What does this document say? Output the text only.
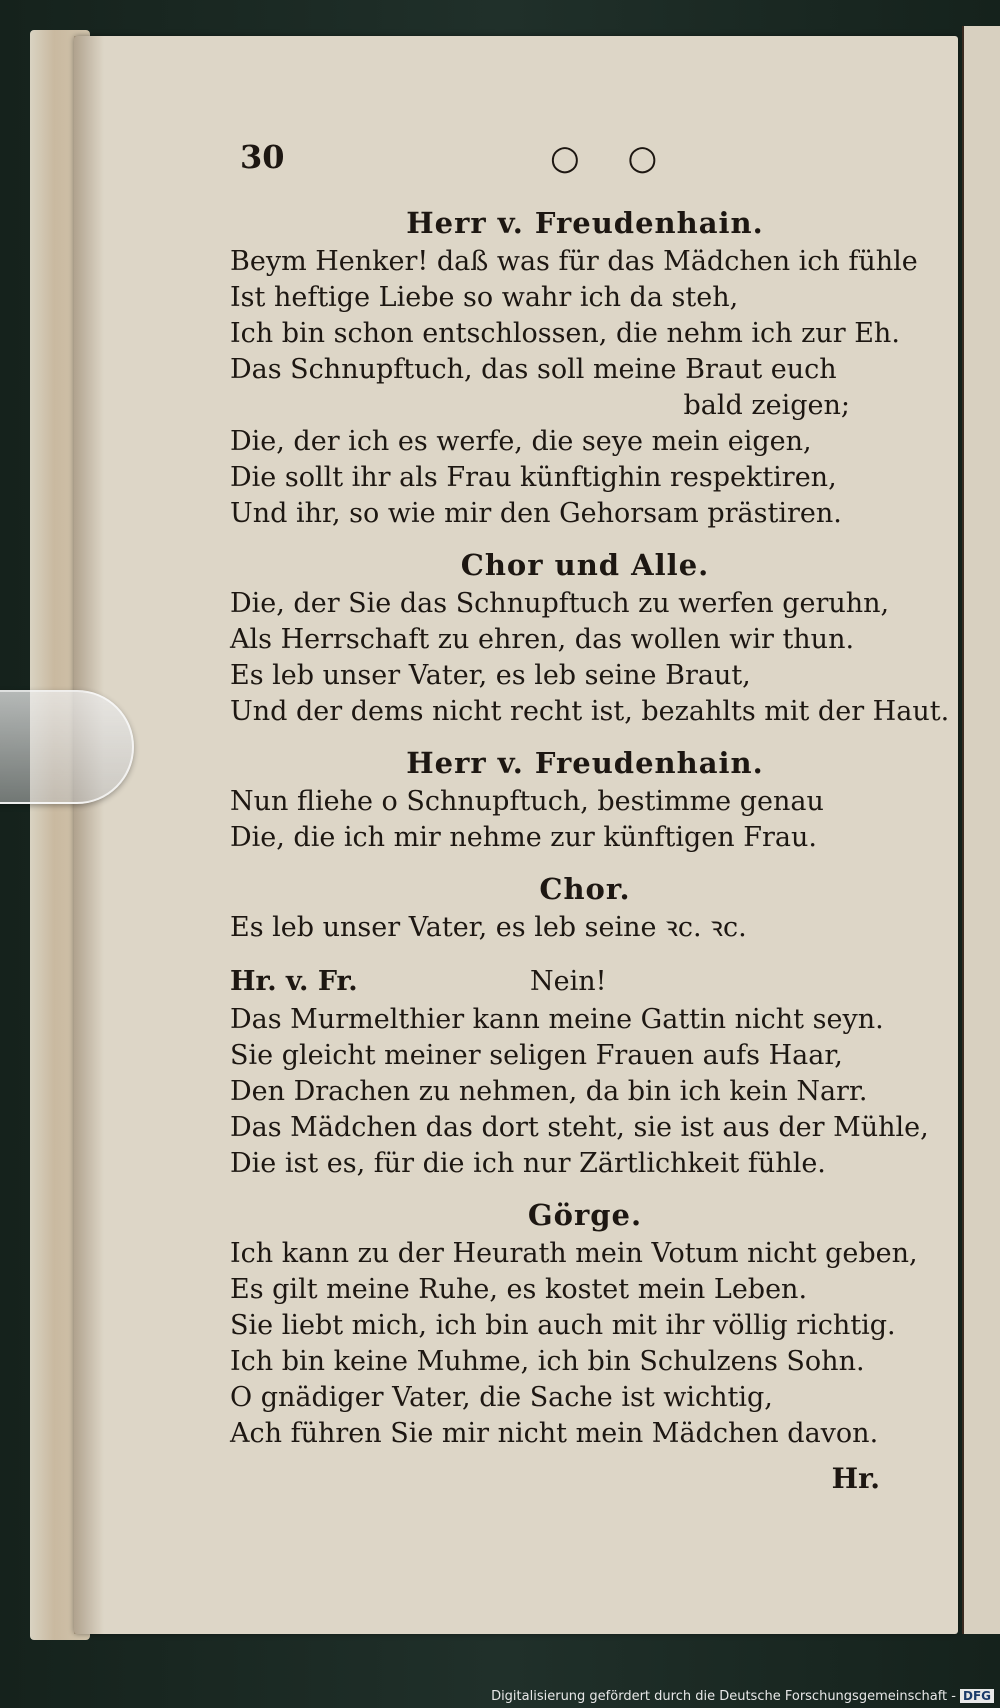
30	○ ○
Herr v. Freudenhain.
Beym Henker! daß was für das Mädchen ich fühle
Ist heftige Liebe so wahr ich da steh,
Ich bin schon entschlossen, die nehm ich zur Eh.
Das Schnupftuch, das soll meine Braut euch
bald zeigen;
Die, der ich es werfe, die seye mein eigen,
Die sollt ihr als Frau künftighin respektiren,
Und ihr, so wie mir den Gehorsam prästiren.
Chor und Alle.
Die, der Sie das Schnupftuch zu werfen geruhn,
Als Herrschaft zu ehren, das wollen wir thun.
Es leb unser Vater, es leb seine Braut,
Und der dems nicht recht ist, bezahlts mit der Haut.
Herr v. Freudenhain.
Nun fliehe o Schnupftuch, bestimme genau
Die, die ich mir nehme zur künftigen Frau.
Chor.
Es leb unser Vater, es leb seine ꝛc. ꝛc.
Hr. v. Fr.	Nein!
Das Murmelthier kann meine Gattin nicht seyn.
Sie gleicht meiner seligen Frauen aufs Haar,
Den Drachen zu nehmen, da bin ich kein Narr.
Das Mädchen das dort steht, sie ist aus der Mühle,
Die ist es, für die ich nur Zärtlichkeit fühle.
Görge.
Ich kann zu der Heurath mein Votum nicht geben,
Es gilt meine Ruhe, es kostet mein Leben.
Sie liebt mich, ich bin auch mit ihr völlig richtig.
Ich bin keine Muhme, ich bin Schulzens Sohn.
O gnädiger Vater, die Sache ist wichtig,
Ach führen Sie mir nicht mein Mädchen davon.
Hr.
Digitalisierung gefördert durch die Deutsche Forschungsgemeinschaft - DFG
